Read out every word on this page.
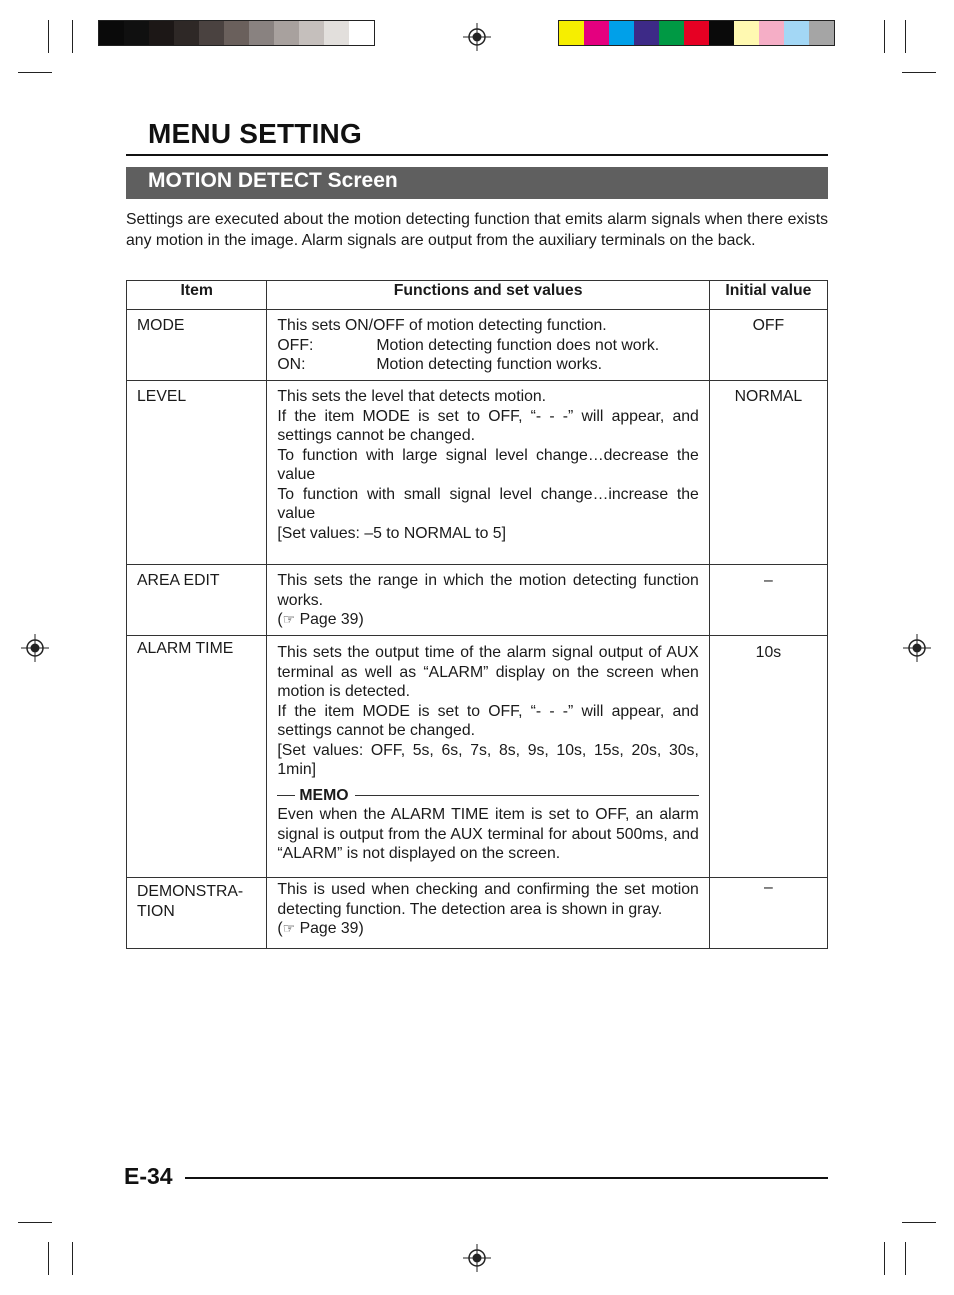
MENU SETTING
MOTION DETECT Screen
Settings are executed about the motion detecting function that emits alarm signals when there exists any motion in the image. Alarm signals are output from the auxiliary terminals on the back.
Item	Functions and set values	Initial value
MODE	This sets ON/OFF of motion detecting function.
OFF: Motion detecting function does not work.
ON: Motion detecting function works.	OFF
LEVEL	This sets the level that detects motion.
If the item MODE is set to OFF, “- - -” will appear, and settings cannot be changed.
To function with large signal level change…decrease the value
To function with small signal level change…increase the value
[Set values: –5 to NORMAL to 5]	NORMAL
AREA EDIT	This sets the range in which the motion detecting function works.
(☞ Page 39)	–
ALARM TIME	This sets the output time of the alarm signal output of AUX terminal as well as “ALARM” display on the screen when motion is detected.
If the item MODE is set to OFF, “- - -” will appear, and settings cannot be changed.
[Set values: OFF, 5s, 6s, 7s, 8s, 9s, 10s, 15s, 20s, 30s, 1min]
MEMO
Even when the ALARM TIME item is set to OFF, an alarm signal is output from the AUX terminal for about 500ms, and “ALARM” is not displayed on the screen.	10s
DEMONSTRA-
TION	This is used when checking and confirming the set motion detecting function. The detection area is shown in gray.
(☞ Page 39)	–
E-34
